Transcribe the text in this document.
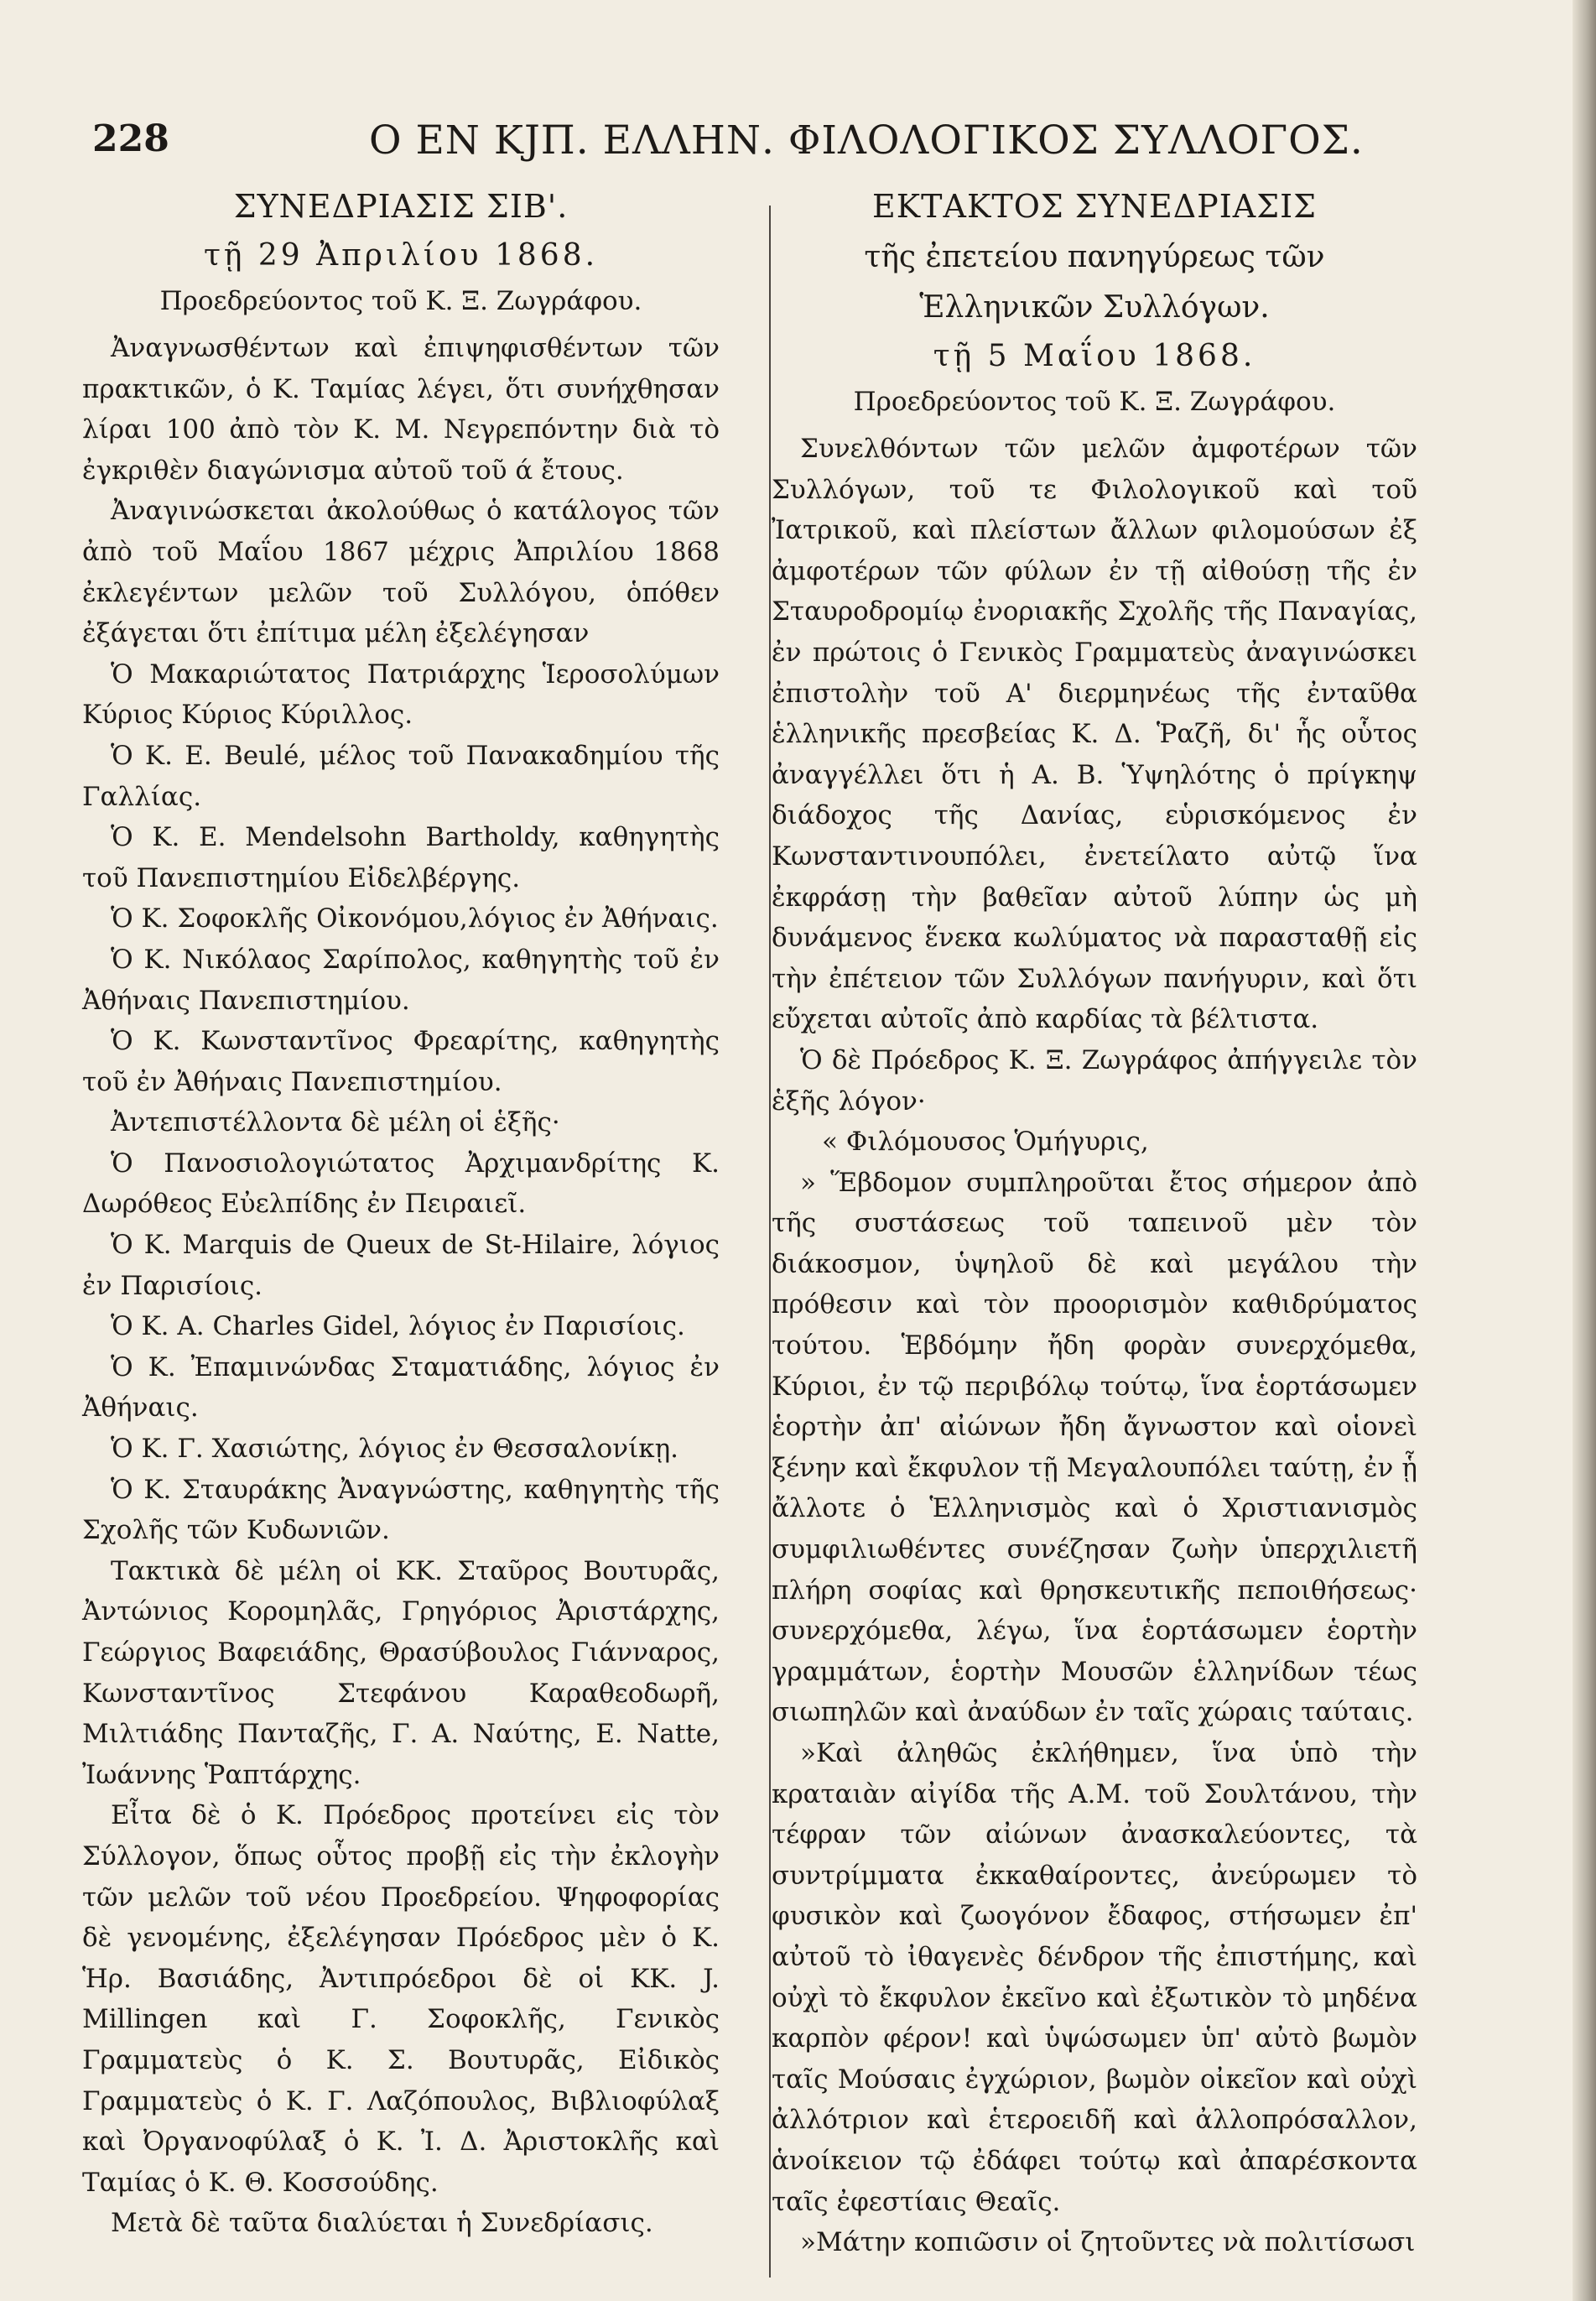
228	Ο ΕΝ ΚJΠ. ΕΛΛΗΝ. ΦΙΛΟΛΟΓΙΚΟΣ ΣΥΛΛΟΓΟΣ.
ΣΥΝΕΔΡΙΑΣΙΣ ΣΙΒ'.
τῇ 29 Ἀπριλίου 1868.
Προεδρεύοντος τοῦ Κ. Ξ. Ζωγράφου.

Ἀναγνωσθέντων καὶ ἐπιψηφισθέντων τῶν πρακτικῶν, ὁ Κ. Ταμίας λέγει, ὅτι συνήχθησαν λίραι 100 ἀπὸ τὸν Κ. Μ. Νεγρεπόντην διὰ τὸ ἐγκριθὲν διαγώνισμα αὐτοῦ τοῦ ά ἔτους.

Ἀναγινώσκεται ἀκολούθως ὁ κατάλογος τῶν ἀπὸ τοῦ Μαΐου 1867 μέχρις Ἀπριλίου 1868 ἐκλεγέντων μελῶν τοῦ Συλλόγου, ὁπόθεν ἐξάγεται ὅτι ἐπίτιμα μέλη ἐξελέγησαν

Ὁ Μακαριώτατος Πατριάρχης Ἱεροσολύμων Κύριος Κύριος Κύριλλος.

Ὁ Κ. Ε. Beulé, μέλος τοῦ Πανακαδημίου τῆς Γαλλίας.

Ὁ Κ. Ε. Mendelsohn Bartholdy, καθηγητὴς τοῦ Πανεπιστημίου Εἰδελβέργης.

Ὁ Κ. Σοφοκλῆς Οἰκονόμου,λόγιος ἐν Ἀθήναις.

Ὁ Κ. Νικόλαος Σαρίπολος, καθηγητὴς τοῦ ἐν Ἀθήναις Πανεπιστημίου.

Ὁ Κ. Κωνσταντῖνος Φρεαρίτης, καθηγητὴς τοῦ ἐν Ἀθήναις Πανεπιστημίου.

Ἀντεπιστέλλοντα δὲ μέλη οἱ ἑξῆς·

Ὁ Πανοσιολογιώτατος Ἀρχιμανδρίτης Κ. Δωρόθεος Εὐελπίδης ἐν Πειραιεῖ.

Ὁ Κ. Marquis de Queux de St-Hilaire, λόγιος ἐν Παρισίοις.

Ὁ Κ. A. Charles Gidel, λόγιος ἐν Παρισίοις.

Ὁ Κ. Ἐπαμινώνδας Σταματιάδης, λόγιος ἐν Ἀθήναις.

Ὁ Κ. Γ. Χασιώτης, λόγιος ἐν Θεσσαλονίκῃ.

Ὁ Κ. Σταυράκης Ἀναγνώστης, καθηγητὴς τῆς Σχολῆς τῶν Κυδωνιῶν.

Τακτικὰ δὲ μέλη οἱ ΚΚ. Σταῦρος Βουτυρᾶς, Ἀντώνιος Κορομηλᾶς, Γρηγόριος Ἀριστάρχης, Γεώργιος Βαφειάδης, Θρασύβουλος Γιάνναρος, Κωνσταντῖνος Στεφάνου Καραθεοδωρῆ, Μιλτιάδης Πανταζῆς, Γ. Α. Ναύτης, Ε. Natte, Ἰωάννης Ῥαπτάρχης.

Εἶτα δὲ ὁ Κ. Πρόεδρος προτείνει εἰς τὸν Σύλλογον, ὅπως οὗτος προβῇ εἰς τὴν ἐκλογὴν τῶν μελῶν τοῦ νέου Προεδρείου. Ψηφοφορίας δὲ γενομένης, ἐξελέγησαν Πρόεδρος μὲν ὁ Κ. Ἡρ. Βασιάδης, Ἀντιπρόεδροι δὲ οἱ ΚΚ. J. Millingen καὶ Γ. Σοφοκλῆς, Γενικὸς Γραμματεὺς ὁ Κ. Σ. Βουτυρᾶς, Εἰδικὸς Γραμματεὺς ὁ Κ. Γ. Λαζόπουλος, Βιβλιοφύλαξ καὶ Ὀργανοφύλαξ ὁ Κ. Ἰ. Δ. Ἀριστοκλῆς καὶ Ταμίας ὁ Κ. Θ. Κοσσούδης.

Μετὰ δὲ ταῦτα διαλύεται ἡ Συνεδρίασις.

ΕΚΤΑΚΤΟΣ ΣΥΝΕΔΡΙΑΣΙΣ
τῆς ἐπετείου πανηγύρεως τῶν
Ἑλληνικῶν Συλλόγων.
τῇ 5 Μαΐου 1868.
Προεδρεύοντος τοῦ Κ. Ξ. Ζωγράφου.

Συνελθόντων τῶν μελῶν ἀμφοτέρων τῶν Συλλόγων, τοῦ τε Φιλολογικοῦ καὶ τοῦ Ἰατρικοῦ, καὶ πλείστων ἄλλων φιλομούσων ἐξ ἀμφοτέρων τῶν φύλων ἐν τῇ αἰθούσῃ τῆς ἐν Σταυροδρομίῳ ἐνοριακῆς Σχολῆς τῆς Παναγίας, ἐν πρώτοις ὁ Γενικὸς Γραμματεὺς ἀναγινώσκει ἐπιστολὴν τοῦ Α' διερμηνέως τῆς ἐνταῦθα ἑλληνικῆς πρεσβείας Κ. Δ. Ῥαζῆ, δι' ἧς οὗτος ἀναγγέλλει ὅτι ἡ Α. Β. Ὑψηλότης ὁ πρίγκηψ διάδοχος τῆς Δανίας, εὑρισκόμενος ἐν Κωνσταντινουπόλει, ἐνετείλατο αὐτῷ ἵνα ἐκφράσῃ τὴν βαθεῖαν αὐτοῦ λύπην ὡς μὴ δυνάμενος ἕνεκα κωλύματος νὰ παρασταθῇ εἰς τὴν ἐπέτειον τῶν Συλλόγων πανήγυριν, καὶ ὅτι εὔχεται αὐτοῖς ἀπὸ καρδίας τὰ βέλτιστα.

Ὁ δὲ Πρόεδρος Κ. Ξ. Ζωγράφος ἀπήγγειλε τὸν ἑξῆς λόγον·

« Φιλόμουσος Ὁμήγυρις,

» Ἕβδομον συμπληροῦται ἔτος σήμερον ἀπὸ τῆς συστάσεως τοῦ ταπεινοῦ μὲν τὸν διάκοσμον, ὑψηλοῦ δὲ καὶ μεγάλου τὴν πρόθεσιν καὶ τὸν προορισμὸν καθιδρύματος τούτου. Ἑβδόμην ἤδη φορὰν συνερχόμεθα, Κύριοι, ἐν τῷ περιβόλῳ τούτῳ, ἵνα ἑορτάσωμεν ἑορτὴν ἀπ' αἰώνων ἤδη ἄγνωστον καὶ οἱονεὶ ξένην καὶ ἔκφυλον τῇ Μεγαλουπόλει ταύτῃ, ἐν ᾗ ἄλλοτε ὁ Ἑλληνισμὸς καὶ ὁ Χριστιανισμὸς συμφιλιωθέντες συνέζησαν ζωὴν ὑπερχιλιετῆ πλήρη σοφίας καὶ θρησκευτικῆς πεποιθήσεως· συνερχόμεθα, λέγω, ἵνα ἑορτάσωμεν ἑορτὴν γραμμάτων, ἑορτὴν Μουσῶν ἑλληνίδων τέως σιωπηλῶν καὶ ἀναύδων ἐν ταῖς χώραις ταύταις.

»Καὶ ἀληθῶς ἐκλήθημεν, ἵνα ὑπὸ τὴν κραταιὰν αἰγίδα τῆς Α.Μ. τοῦ Σουλτάνου, τὴν τέφραν τῶν αἰώνων ἀνασκαλεύοντες, τὰ συντρίμματα ἐκκαθαίροντες, ἀνεύρωμεν τὸ φυσικὸν καὶ ζωογόνον ἔδαφος, στήσωμεν ἐπ' αὐτοῦ τὸ ἰθαγενὲς δένδρον τῆς ἐπιστήμης, καὶ οὐχὶ τὸ ἔκφυλον ἐκεῖνο καὶ ἐξωτικὸν τὸ μηδένα καρπὸν φέρον! καὶ ὑψώσωμεν ὑπ' αὐτὸ βωμὸν ταῖς Μούσαις ἐγχώριον, βωμὸν οἰκεῖον καὶ οὐχὶ ἀλλότριον καὶ ἑτεροειδῆ καὶ ἀλλοπρόσαλλον, ἁνοίκειον τῷ ἐδάφει τούτῳ καὶ ἀπαρέσκοντα ταῖς ἐφεστίαις Θεαῖς.

»Μάτην κοπιῶσιν οἱ ζητοῦντες νὰ πολιτίσωσι
